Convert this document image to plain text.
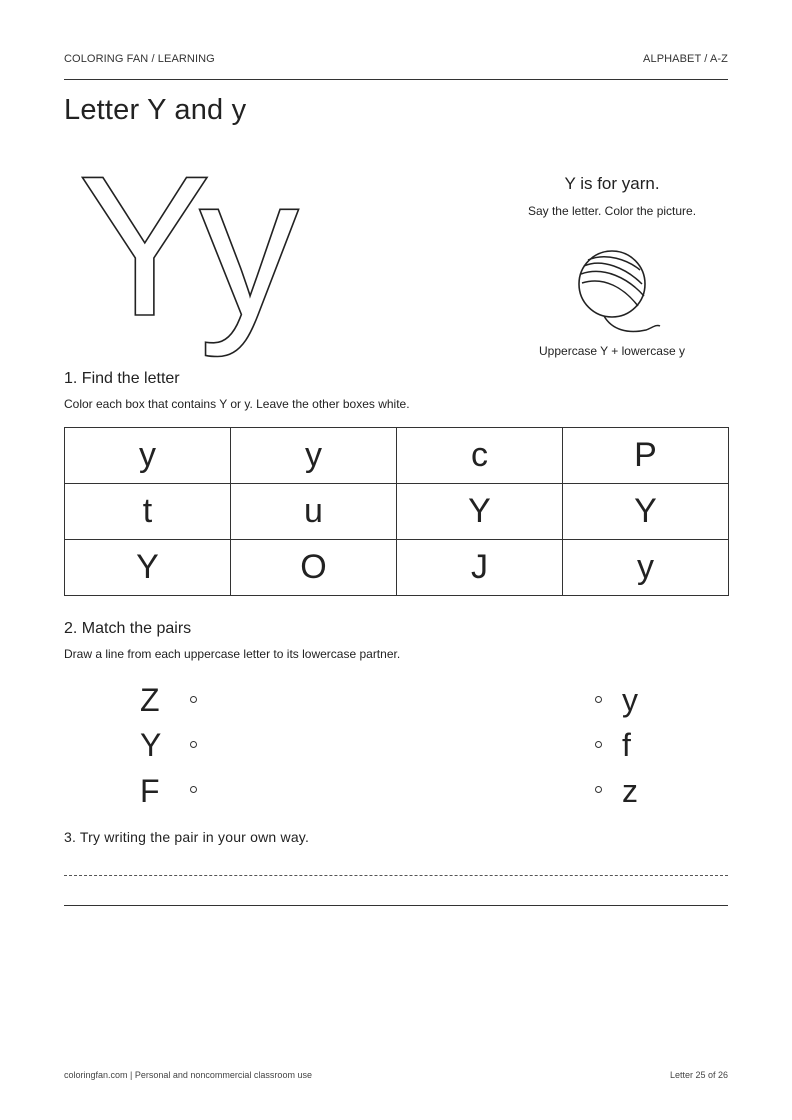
COLORING FAN / LEARNING	ALPHABET / A-Z
Letter Y and y
Y
y	Y is for yarn.
Say the letter. Color the picture.
Uppercase Y + lowercase y
1. Find the letter
Color each box that contains Y or y. Leave the other boxes white.
y	y	c	P
t	u	Y	Y
Y	O	J	y
2. Match the pairs
Draw a line from each uppercase letter to its lowercase partner.
Z
Y
F
y
f
z
3. Try writing the pair in your own way.
coloringfan.com | Personal and noncommercial classroom use	Letter 25 of 26
